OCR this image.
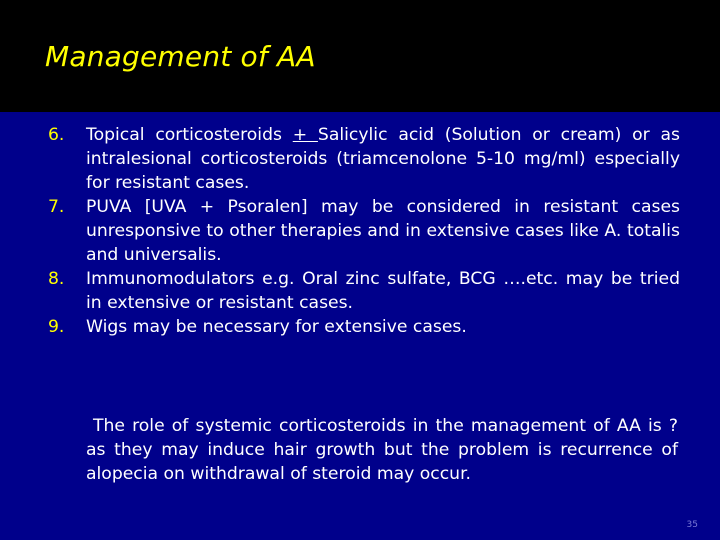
Management of AA
6.	Topical corticosteroids + Salicylic acid (Solution or cream) or as intralesional corticosteroids (triamcenolone 5-10 mg/ml) especially for resistant cases.
7.	PUVA [UVA + Psoralen] may be considered in resistant cases unresponsive to other therapies and in extensive cases like A. totalis and universalis.
8.	Immunomodulators e.g. Oral zinc sulfate, BCG ….etc. may be tried in extensive or resistant cases.
9.	Wigs may be necessary for extensive cases.

The role of systemic corticosteroids in the management of AA is ? as they may induce hair growth but the problem is recurrence of alopecia on withdrawal of steroid may occur.

35
